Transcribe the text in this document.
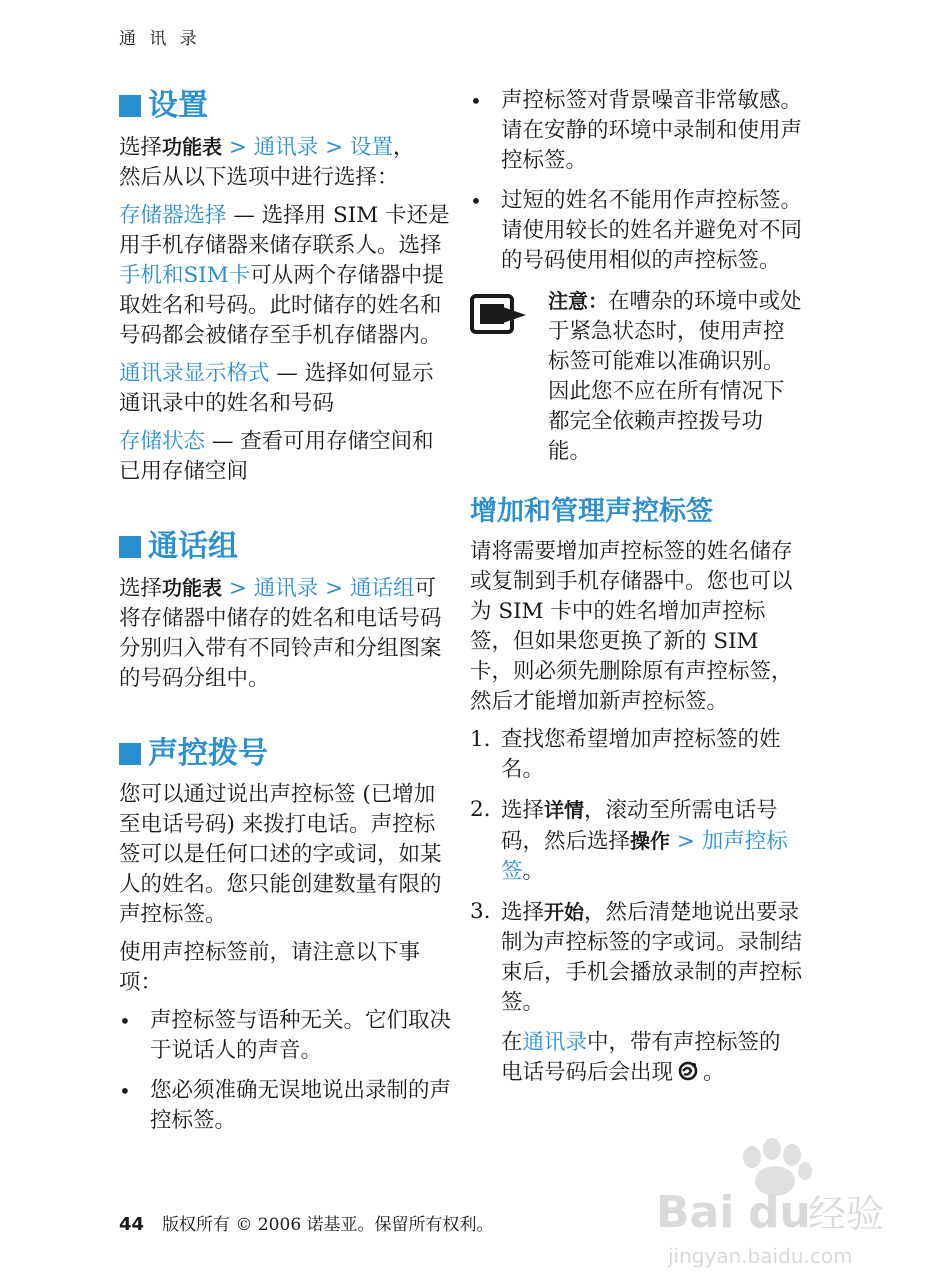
通 讯 录
设置

选择功能表 > 通讯录 > 设置，
然后从以下选项中进行选择：

存储器选择 — 选择用 SIM 卡还是用手机存储器来储存联系人。选择手机和SIM卡可从两个存储器中提取姓名和号码。此时储存的姓名和号码都会被储存至手机存储器内。

通讯录显示格式 — 选择如何显示通讯录中的姓名和号码

存储状态 — 查看可用存储空间和已用存储空间

通话组

选择功能表 > 通讯录 > 通话组可将存储器中储存的姓名和电话号码分别归入带有不同铃声和分组图案的号码分组中。

声控拨号

您可以通过说出声控标签 (已增加至电话号码) 来拨打电话。声控标签可以是任何口述的字或词，如某人的姓名。您只能创建数量有限的声控标签。

使用声控标签前，请注意以下事项：

• 声控标签与语种无关。它们取决于说话人的声音。
• 您必须准确无误地说出录制的声控标签。
• 声控标签对背景噪音非常敏感。请在安静的环境中录制和使用声控标签。
• 过短的姓名不能用作声控标签。请使用较长的姓名并避免对不同的号码使用相似的声控标签。

注意：在嘈杂的环境中或处于紧急状态时，使用声控标签可能难以准确识别。因此您不应在所有情况下都完全依赖声控拨号功能。

增加和管理声控标签

请将需要增加声控标签的姓名储存或复制到手机存储器中。您也可以为 SIM 卡中的姓名增加声控标签，但如果您更换了新的 SIM 卡，则必须先删除原有声控标签，然后才能增加新声控标签。

1. 查找您希望增加声控标签的姓名。
2. 选择详情，滚动至所需电话号码，然后选择操作 > 加声控标签。
3. 选择开始，然后清楚地说出要录制为声控标签的字或词。录制结束后，手机会播放录制的声控标签。

在通讯录中，带有声控标签的电话号码后会出现 。

44 版权所有 © 2006 诺基亚。保留所有权利。	Bai du
经验
jingyan.baidu.com
